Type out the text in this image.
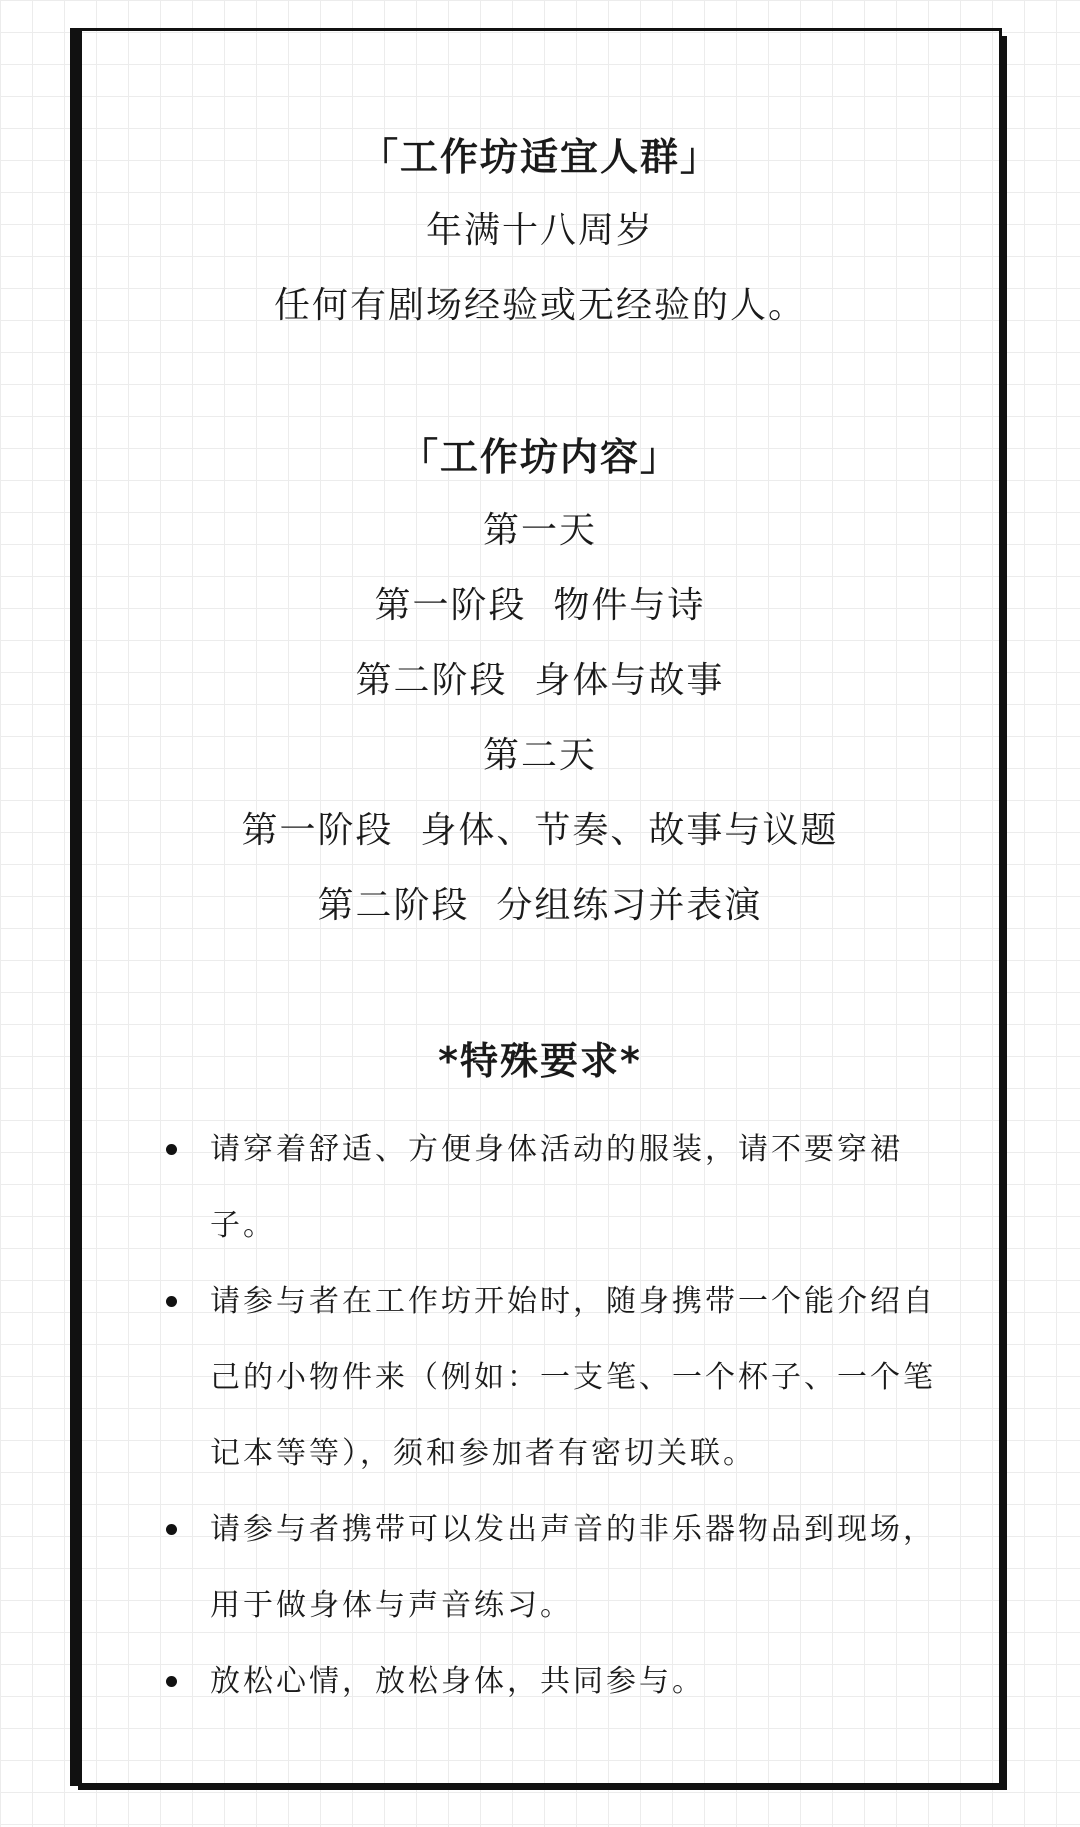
「工作坊适宜人群」
年满十八周岁
任何有剧场经验或无经验的人。
「工作坊内容」
第一天
第一阶段  物件与诗
第二阶段  身体与故事
第二天
第一阶段  身体、节奏、故事与议题
第二阶段  分组练习并表演
*特殊要求*
请穿着舒适、方便身体活动的服装，请不要穿裙子。
请参与者在工作坊开始时，随身携带一个能介绍自己的小物件来（例如：一支笔、一个杯子、一个笔记本等等），须和参加者有密切关联。
请参与者携带可以发出声音的非乐器物品到现场，用于做身体与声音练习。
放松心情，放松身体，共同参与。
